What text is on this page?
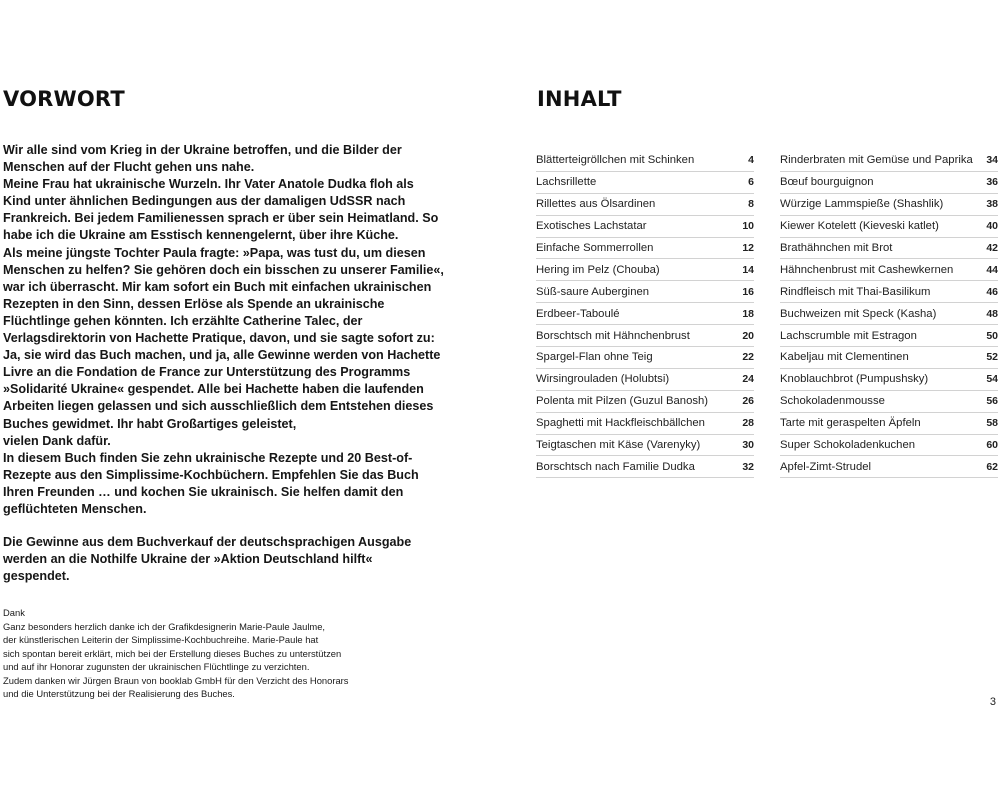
VORWORT
Wir alle sind vom Krieg in der Ukraine betroffen, und die Bilder der
Menschen auf der Flucht gehen uns nahe.
Meine Frau hat ukrainische Wurzeln. Ihr Vater Anatole Dudka floh als
Kind unter ähnlichen Bedingungen aus der damaligen UdSSR nach
Frankreich. Bei jedem Familienessen sprach er über sein Heimatland. So
habe ich die Ukraine am Esstisch kennengelernt, über ihre Küche.
Als meine jüngste Tochter Paula fragte: »Papa, was tust du, um diesen
Menschen zu helfen? Sie gehören doch ein bisschen zu unserer Familie«,
war ich überrascht. Mir kam sofort ein Buch mit einfachen ukrainischen
Rezepten in den Sinn, dessen Erlöse als Spende an ukrainische
Flüchtlinge gehen könnten. Ich erzählte Catherine Talec, der
Verlagsdirektorin von Hachette Pratique, davon, und sie sagte sofort zu:
Ja, sie wird das Buch machen, und ja, alle Gewinne werden von Hachette
Livre an die Fondation de France zur Unterstützung des Programms
»Solidarité Ukraine« gespendet. Alle bei Hachette haben die laufenden
Arbeiten liegen gelassen und sich ausschließlich dem Entstehen dieses
Buches gewidmet. Ihr habt Großartiges geleistet,
vielen Dank dafür.
In diesem Buch finden Sie zehn ukrainische Rezepte und 20 Best-of-
Rezepte aus den Simplissime-Kochbüchern. Empfehlen Sie das Buch
Ihren Freunden … und kochen Sie ukrainisch. Sie helfen damit den
geflüchteten Menschen.
Die Gewinne aus dem Buchverkauf der deutschsprachigen Ausgabe
werden an die Nothilfe Ukraine der »Aktion Deutschland hilft«
gespendet.
Dank
Ganz besonders herzlich danke ich der Grafikdesignerin Marie-Paule Jaulme,
der künstlerischen Leiterin der Simplissime-Kochbuchreihe. Marie-Paule hat
sich spontan bereit erklärt, mich bei der Erstellung dieses Buches zu unterstützen
und auf ihr Honorar zugunsten der ukrainischen Flüchtlinge zu verzichten.
Zudem danken wir Jürgen Braun von booklab GmbH für den Verzicht des Honorars
und die Unterstützung bei der Realisierung des Buches.
INHALT
Blätterteigröllchen mit Schinken	4
Lachsrillette	6
Rillettes aus Ölsardinen	8
Exotisches Lachstatar	10
Einfache Sommerrollen	12
Hering im Pelz (Chouba)	14
Süß-saure Auberginen	16
Erdbeer-Taboulé	18
Borschtsch mit Hähnchenbrust	20
Spargel-Flan ohne Teig	22
Wirsingrouladen (Holubtsi)	24
Polenta mit Pilzen (Guzul Banosh)	26
Spaghetti mit Hackfleischbällchen	28
Teigtaschen mit Käse (Varenyky)	30
Borschtsch nach Familie Dudka	32
Rinderbraten mit Gemüse und Paprika	34
Bœuf bourguignon	36
Würzige Lammspieße (Shashlik)	38
Kiewer Kotelett (Kieveski katlet)	40
Brathähnchen mit Brot	42
Hähnchenbrust mit Cashewkernen	44
Rindfleisch mit Thai-Basilikum	46
Buchweizen mit Speck (Kasha)	48
Lachscrumble mit Estragon	50
Kabeljau mit Clementinen	52
Knoblauchbrot (Pumpushsky)	54
Schokoladenmousse	56
Tarte mit geraspelten Äpfeln	58
Super Schokoladenkuchen	60
Apfel-Zimt-Strudel	62
3
